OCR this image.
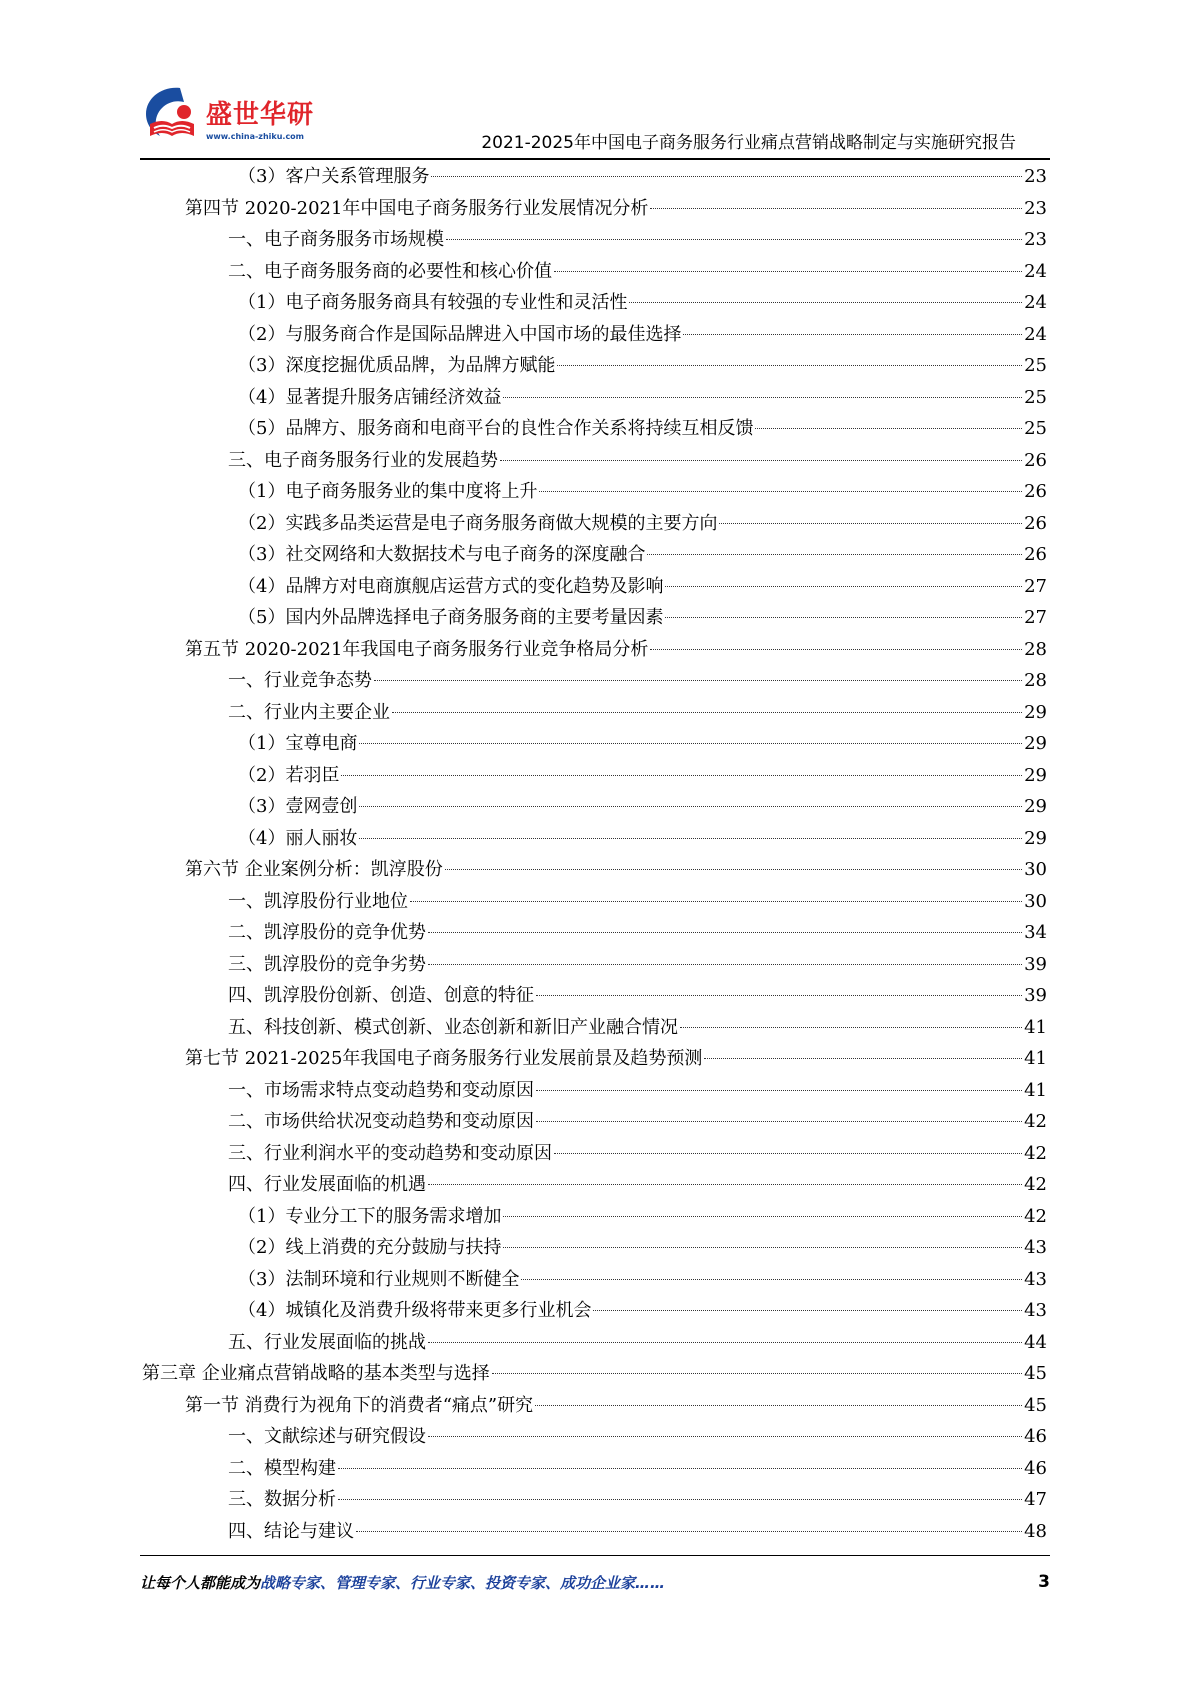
盛世华研
www.china-zhiku.com	2021-2025年中国电子商务服务行业痛点营销战略制定与实施研究报告
（3）客户关系管理服务	23
第四节 2020-2021年中国电子商务服务行业发展情况分析	23
一、电子商务服务市场规模	23
二、电子商务服务商的必要性和核心价值	24
（1）电子商务服务商具有较强的专业性和灵活性	24
（2）与服务商合作是国际品牌进入中国市场的最佳选择	24
（3）深度挖掘优质品牌，为品牌方赋能	25
（4）显著提升服务店铺经济效益	25
（5）品牌方、服务商和电商平台的良性合作关系将持续互相反馈	25
三、电子商务服务行业的发展趋势	26
（1）电子商务服务业的集中度将上升	26
（2）实践多品类运营是电子商务服务商做大规模的主要方向	26
（3）社交网络和大数据技术与电子商务的深度融合	26
（4）品牌方对电商旗舰店运营方式的变化趋势及影响	27
（5）国内外品牌选择电子商务服务商的主要考量因素	27
第五节 2020-2021年我国电子商务服务行业竞争格局分析	28
一、行业竞争态势	28
二、行业内主要企业	29
（1）宝尊电商	29
（2）若羽臣	29
（3）壹网壹创	29
（4）丽人丽妆	29
第六节 企业案例分析：凯淳股份	30
一、凯淳股份行业地位	30
二、凯淳股份的竞争优势	34
三、凯淳股份的竞争劣势	39
四、凯淳股份创新、创造、创意的特征	39
五、科技创新、模式创新、业态创新和新旧产业融合情况	41
第七节 2021-2025年我国电子商务服务行业发展前景及趋势预测	41
一、市场需求特点变动趋势和变动原因	41
二、市场供给状况变动趋势和变动原因	42
三、行业利润水平的变动趋势和变动原因	42
四、行业发展面临的机遇	42
（1）专业分工下的服务需求增加	42
（2）线上消费的充分鼓励与扶持	43
（3）法制环境和行业规则不断健全	43
（4）城镇化及消费升级将带来更多行业机会	43
五、行业发展面临的挑战	44
第三章 企业痛点营销战略的基本类型与选择	45
第一节 消费行为视角下的消费者“痛点”研究	45
一、文献综述与研究假设	46
二、模型构建	46
三、数据分析	47
四、结论与建议	48
让每个人都能成为战略专家、管理专家、行业专家、投资专家、成功企业家……	3
